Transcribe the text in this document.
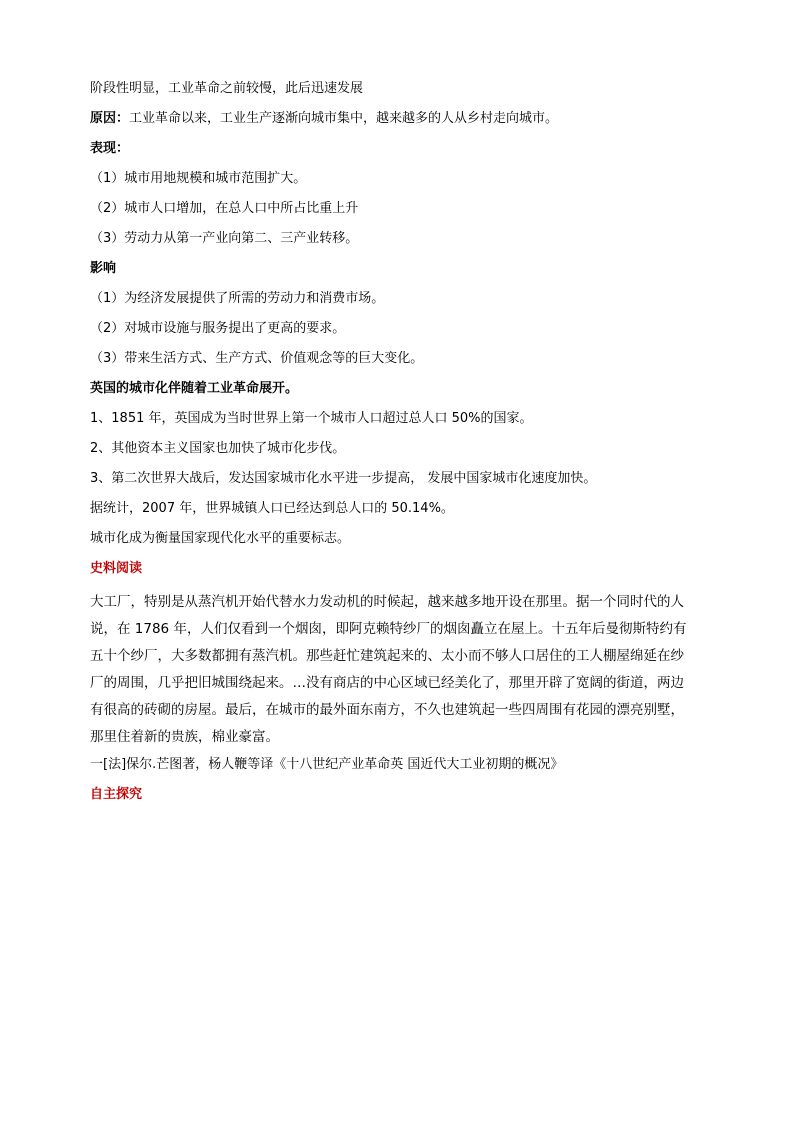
阶段性明显，工业革命之前较慢，此后迅速发展
原因：工业革命以来，工业生产逐渐向城市集中，越来越多的人从乡村走向城市。
表现：
（1）城市用地规模和城市范围扩大。
（2）城市人口增加，在总人口中所占比重上升
（3）劳动力从第一产业向第二、三产业转移。
影响
（1）为经济发展提供了所需的劳动力和消费市场。
（2）对城市设施与服务提出了更高的要求。
（3）带来生活方式、生产方式、价值观念等的巨大变化。
英国的城市化伴随着工业革命展开。
1、1851 年，英国成为当时世界上第一个城市人口超过总人口 50%的国家。
2、其他资本主义国家也加快了城市化步伐。
3、第二次世界大战后，发达国家城市化水平进一步提高， 发展中国家城市化速度加快。
据统计，2007 年，世界城镇人口已经达到总人口的 50.14%。
城市化成为衡量国家现代化水平的重要标志。
史料阅读
大工厂，特别是从蒸汽机开始代替水力发动机的时候起，越来越多地开设在那里。据一个同时代的人
说，在 1786 年，人们仅看到一个烟囱，即阿克赖特纱厂的烟囱矗立在屋上。十五年后曼彻斯特约有
五十个纱厂，大多数都拥有蒸汽机。那些赶忙建筑起来的、太小而不够人口居住的工人棚屋绵延在纱
厂的周围，几乎把旧城围绕起来。…没有商店的中心区域已经美化了，那里开辟了宽阔的街道，两边
有很高的砖砌的房屋。最后，在城市的最外面东南方，不久也建筑起一些四周围有花园的漂亮别墅，
那里住着新的贵族，棉业豪富。
一[法]保尔.芒图著，杨人鞭等译《十八世纪产业革命英 国近代大工业初期的概况》
自主探究
